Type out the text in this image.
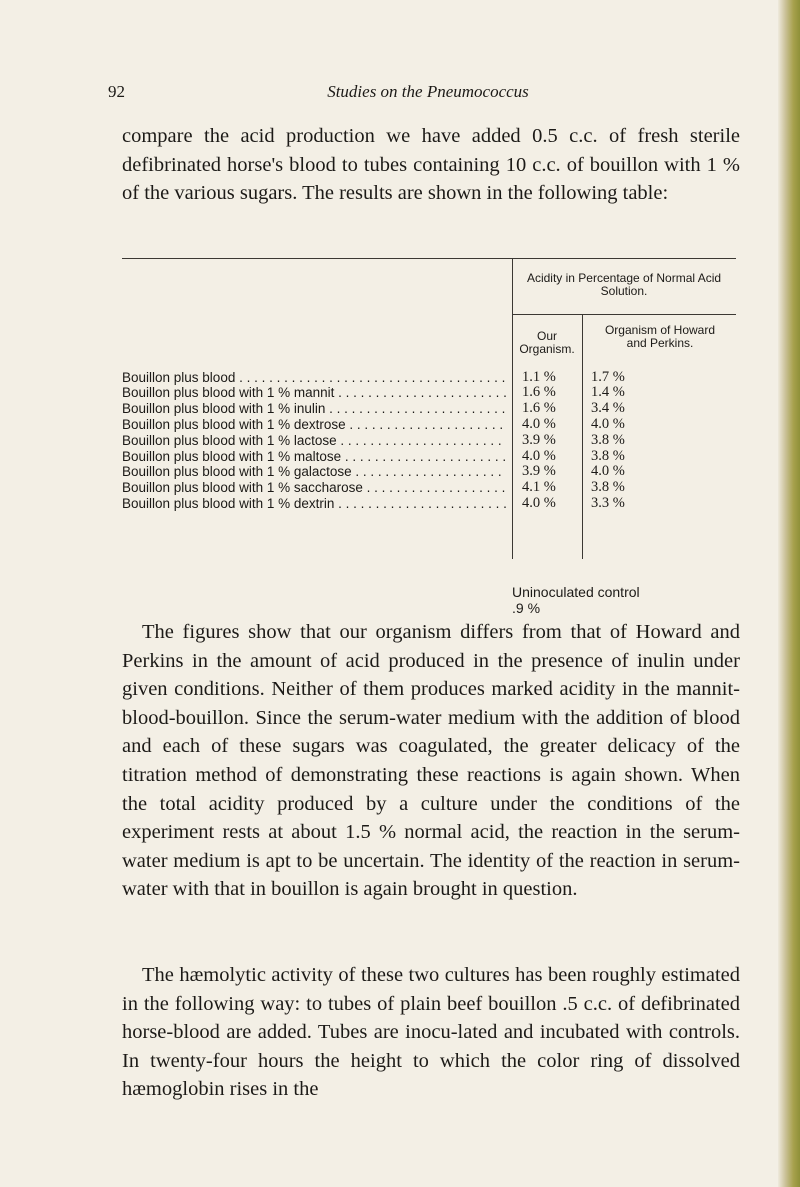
92	Studies on the Pneumococcus

compare the acid production we have added 0.5 c.c. of fresh sterile defibrinated horse's blood to tubes containing 10 c.c. of bouillon with 1 % of the various sugars. The results are shown in the following table:

Acidity in Percentage of Normal Acid Solution.
Our Organism.
Organism of Howard and Perkins.
Bouillon plus blood . . .	1.1 % 1.7 %
Bouillon plus blood with 1 % mannit . . .	1.6 % 1.4 %
Bouillon plus blood with 1 % inulin . . .	1.6 % 3.4 %
Bouillon plus blood with 1 % dextrose . . .	4.0 % 4.0 %
Bouillon plus blood with 1 % lactose . . .	3.9 % 3.8 %
Bouillon plus blood with 1 % maltose . . .	4.0 % 3.8 %
Bouillon plus blood with 1 % galactose . . .	3.9 % 4.0 %
Bouillon plus blood with 1 % saccharose . . .	4.1 % 3.8 %
Bouillon plus blood with 1 % dextrin . . .	4.0 % 3.3 %
Uninoculated control .9 %

The figures show that our organism differs from that of Howard and Perkins in the amount of acid produced in the presence of inulin under given conditions. Neither of them produces marked acidity in the mannit-blood-bouillon. Since the serum-water medium with the addition of blood and each of these sugars was coagulated, the greater delicacy of the titration method of demonstrating these reactions is again shown. When the total acidity produced by a culture under the conditions of the experiment rests at about 1.5 % normal acid, the reaction in the serum-water medium is apt to be uncertain. The identity of the reaction in serum-water with that in bouillon is again brought in question.

The hæmolytic activity of these two cultures has been roughly estimated in the following way: to tubes of plain beef bouillon .5 c.c. of defibrinated horse-blood are added. Tubes are inocu-lated and incubated with controls. In twenty-four hours the height to which the color ring of dissolved hæmoglobin rises in the
